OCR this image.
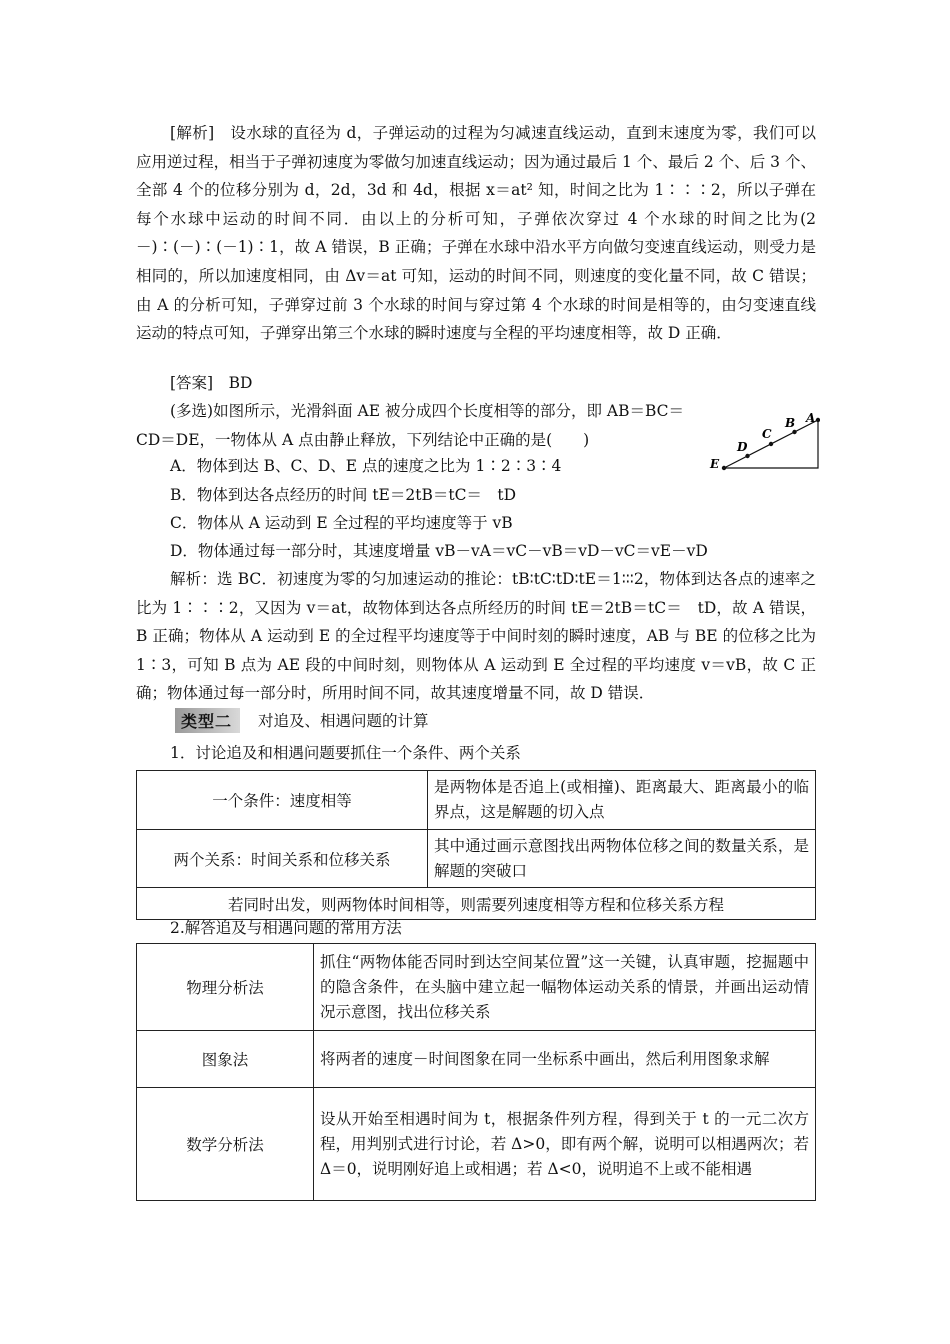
[解析]　 设水球的直径为 d，子弹运动的过程为匀减速直线运动，直到末速度为零，我们可以应用逆过程，相当于子弹初速度为零做匀加速直线运动；因为通过最后 1 个、最后 2 个、后 3 个、全部 4 个的位移分别为 d，2d，3d 和 4d，根据 x＝at² 知，时间之比为 1∶∶∶2，所以子弹在每个水球中运动的时间不同．由以上的分析可知，子弹依次穿过 4 个水球的时间之比为(2－)∶(－)∶(－1)∶1，故 A 错误，B 正确；子弹在水球中沿水平方向做匀变速直线运动，则受力是相同的，所以加速度相同，由 Δv＝at 可知，运动的时间不同，则速度的变化量不同，故 C 错误；由 A 的分析可知，子弹穿过前 3 个水球的时间与穿过第 4 个水球的时间是相等的，由匀变速直线运动的特点可知，子弹穿出第三个水球的瞬时速度与全程的平均速度相等，故 D 正确．

[答案]　 BD

(多选)如图所示，光滑斜面 AE 被分成四个长度相等的部分，即 AB＝BC＝CD＝DE，一物体从 A 点由静止释放，下列结论中正确的是(　　)

A
B
C
D
E
A．物体到达 B、C、D、E 点的速度之比为 1∶2∶3∶4
B．物体到达各点经历的时间 tE＝2tB＝tC＝　tD
C．物体从 A 运动到 E 全过程的平均速度等于 vB
D．物体通过每一部分时，其速度增量 vB－vA＝vC－vB＝vD－vC＝vE－vD

解析：选 BC．初速度为零的匀加速运动的推论：tB∶tC∶tD∶tE＝1∶∶∶2，物体到达各点的速率之比为 1∶∶∶2，又因为 v＝at，故物体到达各点所经历的时间 tE＝2tB＝tC＝　tD，故 A 错误，B 正确；物体从 A 运动到 E 的全过程平均速度等于中间时刻的瞬时速度，AB 与 BE 的位移之比为 1∶3，可知 B 点为 AE 段的中间时刻，则物体从 A 运动到 E 全过程的平均速度 v＝vB，故 C 正确；物体通过每一部分时，所用时间不同，故其速度增量不同，故 D 错误．

类型二	对追及、相遇问题的计算
1．讨论追及和相遇问题要抓住一个条件、两个关系
一个条件：速度相等	是两物体是否追上(或相撞)、距离最大、距离最小的临界点，这是解题的切入点
两个关系：时间关系和位移关系	其中通过画示意图找出两物体位移之间的数量关系，是解题的突破口
若同时出发，则两物体时间相等，则需要列速度相等方程和位移关系方程	
2.解答追及与相遇问题的常用方法
物理分析法	抓住“两物体能否同时到达空间某位置”这一关键，认真审题，挖掘题中的隐含条件，在头脑中建立起一幅物体运动关系的情景，并画出运动情况示意图，找出位移关系
图象法	将两者的速度－时间图象在同一坐标系中画出，然后利用图象求解
数学分析法	设从开始至相遇时间为 t，根据条件列方程，得到关于 t 的一元二次方程，用判别式进行讨论，若 Δ>0，即有两个解，说明可以相遇两次；若 Δ＝0，说明刚好追上或相遇；若 Δ<0，说明追不上或不能相遇
